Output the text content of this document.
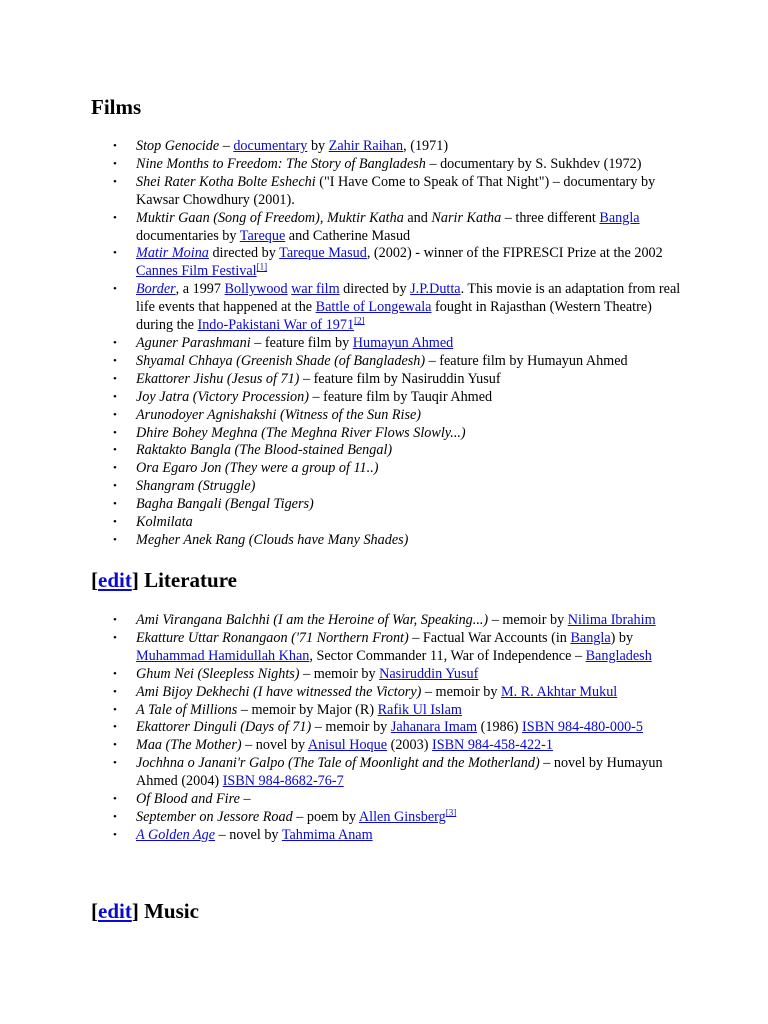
Films
• Stop Genocide – documentary by Zahir Raihan, (1971)
• Nine Months to Freedom: The Story of Bangladesh – documentary by S. Sukhdev (1972)
• Shei Rater Kotha Bolte Eshechi ("I Have Come to Speak of That Night") – documentary by Kawsar Chowdhury (2001).
• Muktir Gaan (Song of Freedom), Muktir Katha and Narir Katha – three different Bangla documentaries by Tareque and Catherine Masud
• Matir Moina directed by Tareque Masud, (2002) - winner of the FIPRESCI Prize at the 2002 Cannes Film Festival[1]
• Border, a 1997 Bollywood war film directed by J.P.Dutta. This movie is an adaptation from real life events that happened at the Battle of Longewala fought in Rajasthan (Western Theatre) during the Indo-Pakistani War of 1971[2]
• Aguner Parashmani – feature film by Humayun Ahmed
• Shyamal Chhaya (Greenish Shade (of Bangladesh) – feature film by Humayun Ahmed
• Ekattorer Jishu (Jesus of 71) – feature film by Nasiruddin Yusuf
• Joy Jatra (Victory Procession) – feature film by Tauqir Ahmed
• Arunodoyer Agnishakshi (Witness of the Sun Rise)
• Dhire Bohey Meghna (The Meghna River Flows Slowly...)
• Raktakto Bangla (The Blood-stained Bengal)
• Ora Egaro Jon (They were a group of 11..)
• Shangram (Struggle)
• Bagha Bangali (Bengal Tigers)
• Kolmilata
• Megher Anek Rang (Clouds have Many Shades)
[edit] Literature
• Ami Virangana Balchhi (I am the Heroine of War, Speaking...) – memoir by Nilima Ibrahim
• Ekatture Uttar Ronangaon ('71 Northern Front) – Factual War Accounts (in Bangla) by Muhammad Hamidullah Khan, Sector Commander 11, War of Independence – Bangladesh
• Ghum Nei (Sleepless Nights) – memoir by Nasiruddin Yusuf
• Ami Bijoy Dekhechi (I have witnessed the Victory) – memoir by M. R. Akhtar Mukul
• A Tale of Millions – memoir by Major (R) Rafik Ul Islam
• Ekattorer Dinguli (Days of 71) – memoir by Jahanara Imam (1986) ISBN 984-480-000-5
• Maa (The Mother) – novel by Anisul Hoque (2003) ISBN 984-458-422-1
• Jochhna o Janani'r Galpo (The Tale of Moonlight and the Motherland) – novel by Humayun Ahmed (2004) ISBN 984-8682-76-7
• Of Blood and Fire –
• September on Jessore Road – poem by Allen Ginsberg[3]
• A Golden Age – novel by Tahmima Anam
[edit] Music
